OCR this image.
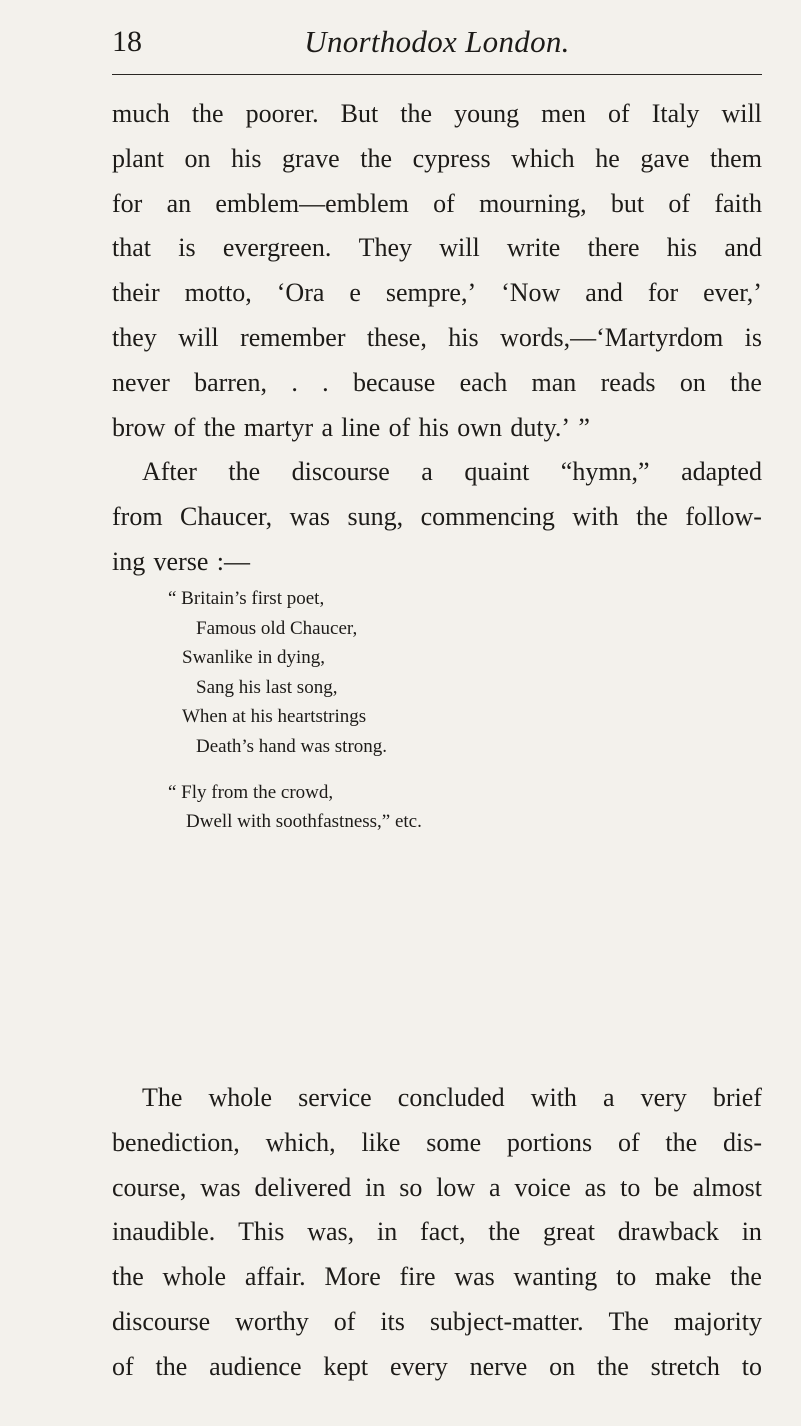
18	Unorthodox London.
much the poorer. But the young men of Italy will
plant on his grave the cypress which he gave them
for an emblem—emblem of mourning, but of faith
that is evergreen. They will write there his and
their motto, ‘Ora e sempre,’ ‘Now and for ever,’
they will remember these, his words,—‘Martyrdom is
never barren, . . because each man reads on the
brow of the martyr a line of his own duty.’ ”
After the discourse a quaint “hymn,” adapted
from Chaucer, was sung, commencing with the follow-
ing verse :—
“ Britain’s first poet,
Famous old Chaucer,
Swanlike in dying,
Sang his last song,
When at his heartstrings
Death’s hand was strong.
“ Fly from the crowd,
Dwell with soothfastness,” etc.
The whole service concluded with a very brief
benediction, which, like some portions of the dis-
course, was delivered in so low a voice as to be almost
inaudible. This was, in fact, the great drawback in
the whole affair. More fire was wanting to make the
discourse worthy of its subject-matter. The majority
of the audience kept every nerve on the stretch to
